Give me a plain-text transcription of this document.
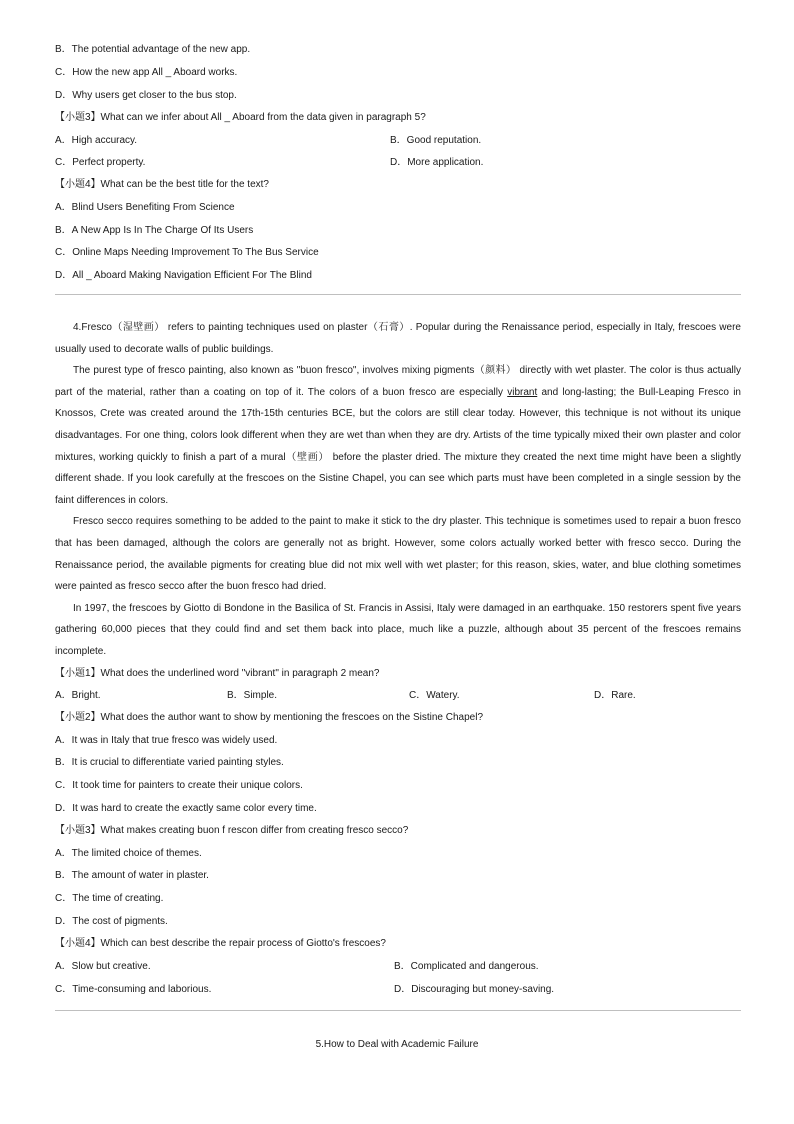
B．The potential advantage of the new app.
C．How the new app All _ Aboard works.
D．Why users get closer to the bus stop.
【小题3】What can we infer about All _ Aboard from the data given in paragraph 5?
A．High accuracy.	B．Good reputation.
C．Perfect property.	D．More application.
【小题4】What can be the best title for the text?
A．Blind Users Benefiting From Science
B．A New App Is In The Charge Of Its Users
C．Online Maps Needing Improvement To The Bus Service
D．All _ Aboard Making Navigation Efficient For The Blind

4.Fresco（湿壁画） refers to painting techniques used on plaster（石膏）. Popular during the Renaissance period, especially in Italy, frescoes were usually used to decorate walls of public buildings.

The purest type of fresco painting, also known as "buon fresco", involves mixing pigments（颜料） directly with wet plaster. The color is thus actually part of the material, rather than a coating on top of it. The colors of a buon fresco are especially vibrant and long-lasting; the Bull-Leaping Fresco in Knossos, Crete was created around the 17th-15th centuries BCE, but the colors are still clear today. However, this technique is not without its unique disadvantages. For one thing, colors look different when they are wet than when they are dry. Artists of the time typically mixed their own plaster and color mixtures, working quickly to finish a part of a mural（壁画） before the plaster dried. The mixture they created the next time might have been a slightly different shade. If you look carefully at the frescoes on the Sistine Chapel, you can see which parts must have been completed in a single session by the faint differences in colors.

Fresco secco requires something to be added to the paint to make it stick to the dry plaster. This technique is sometimes used to repair a buon fresco that has been damaged, although the colors are generally not as bright. However, some colors actually worked better with fresco secco. During the Renaissance period, the available pigments for creating blue did not mix well with wet plaster; for this reason, skies, water, and blue clothing sometimes were painted as fresco secco after the buon fresco had dried.

In 1997, the frescoes by Giotto di Bondone in the Basilica of St. Francis in Assisi, Italy were damaged in an earthquake. 150 restorers spent five years gathering 60,000 pieces that they could find and set them back into place, much like a puzzle, although about 35 percent of the frescoes remains incomplete.

【小题1】What does the underlined word "vibrant" in paragraph 2 mean?
A．Bright.	B．Simple.	C．Watery.	D．Rare.
【小题2】What does the author want to show by mentioning the frescoes on the Sistine Chapel?
A．It was in Italy that true fresco was widely used.
B．It is crucial to differentiate varied painting styles.
C．It took time for painters to create their unique colors.
D．It was hard to create the exactly same color every time.
【小题3】What makes creating buon f rescon differ from creating fresco secco?
A．The limited choice of themes.
B．The amount of water in plaster.
C．The time of creating.
D．The cost of pigments.
【小题4】Which can best describe the repair process of Giotto's frescoes?
A．Slow but creative.	B．Complicated and dangerous.
C．Time-consuming and laborious.	D．Discouraging but money-saving.
5.How to Deal with Academic Failure
